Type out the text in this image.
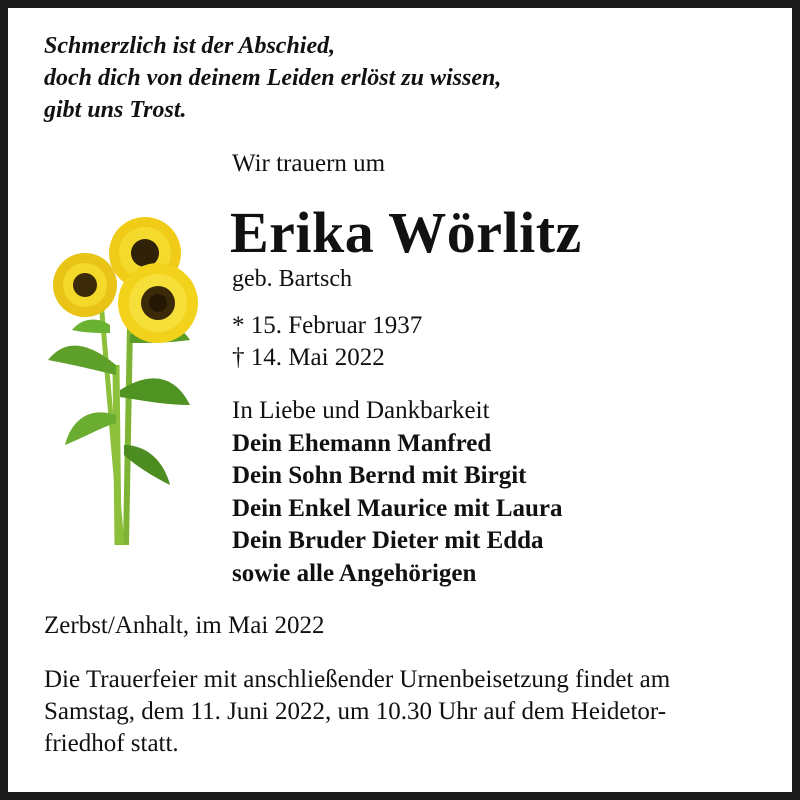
Schmerzlich ist der Abschied,
doch dich von deinem Leiden erlöst zu wissen,
gibt uns Trost.
Wir trauern um
Erika Wörlitz
geb. Bartsch
* 15. Februar 1937
† 14. Mai 2022
In Liebe und Dankbarkeit
Dein Ehemann Manfred
Dein Sohn Bernd mit Birgit
Dein Enkel Maurice mit Laura
Dein Bruder Dieter mit Edda
sowie alle Angehörigen
Zerbst/Anhalt, im Mai 2022
Die Trauerfeier mit anschließender Urnenbeisetzung findet am
Samstag, dem 11. Juni 2022, um 10.30 Uhr auf dem Heidetor-
friedhof statt.
